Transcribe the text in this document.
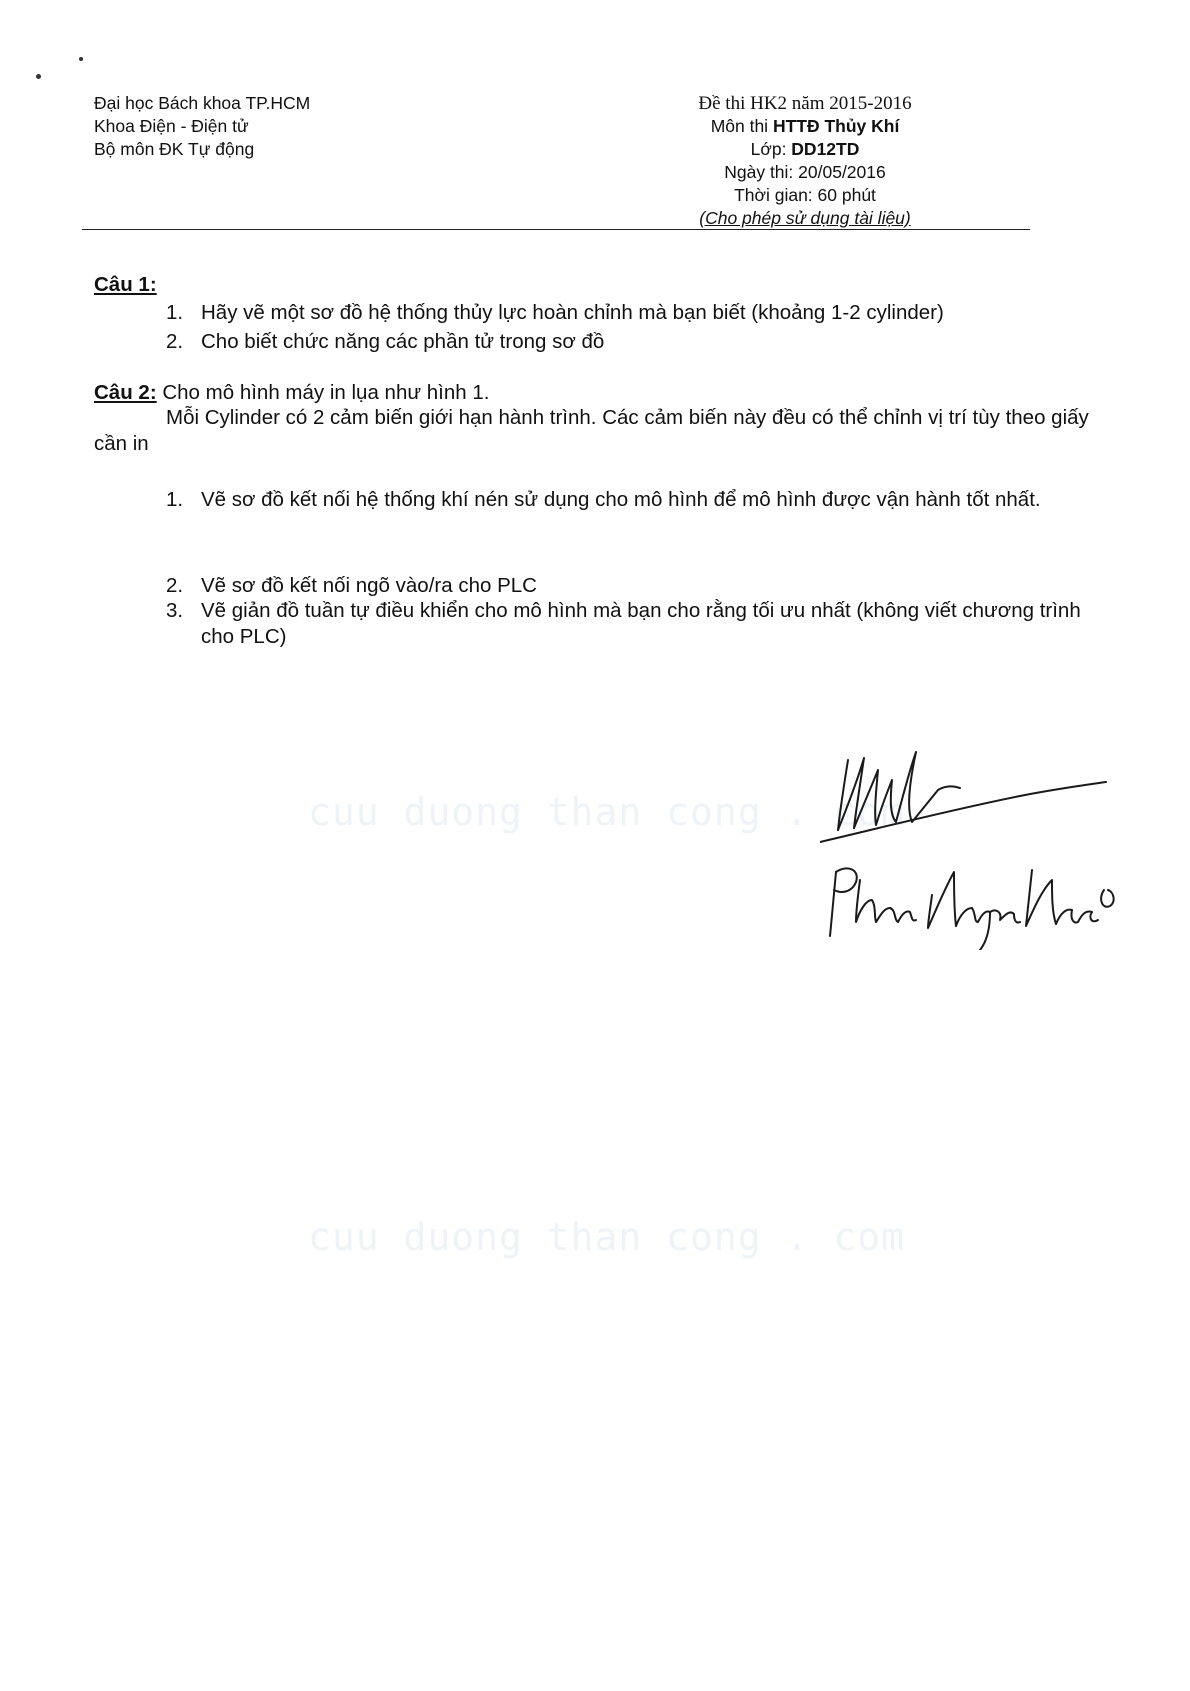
Đại học Bách khoa TP.HCM
Khoa Điện - Điện tử
Bộ môn ĐK Tự động
Đề thi HK2 năm 2015-2016
Môn thi HTTĐ Thủy Khí
Lớp: DD12TD
Ngày thi: 20/05/2016
Thời gian: 60 phút
(Cho phép sử dụng tài liệu)
Câu 1:
1. Hãy vẽ một sơ đồ hệ thống thủy lực hoàn chỉnh mà bạn biết (khoảng 1-2 cylinder)
2. Cho biết chức năng các phần tử trong sơ đồ
Câu 2: Cho mô hình máy in lụa như hình 1.
Mỗi Cylinder có 2 cảm biến giới hạn hành trình. Các cảm biến này đều có thể chỉnh vị trí tùy theo giấy cần in
1. Vẽ sơ đồ kết nối hệ thống khí nén sử dụng cho mô hình để mô hình được vận hành tốt nhất.
2. Vẽ sơ đồ kết nối ngõ vào/ra cho PLC
3. Vẽ giản đồ tuần tự điều khiển cho mô hình mà bạn cho rằng tối ưu nhất (không viết chương trình cho PLC)
cuu duong than cong . com
cuu duong than cong . com
